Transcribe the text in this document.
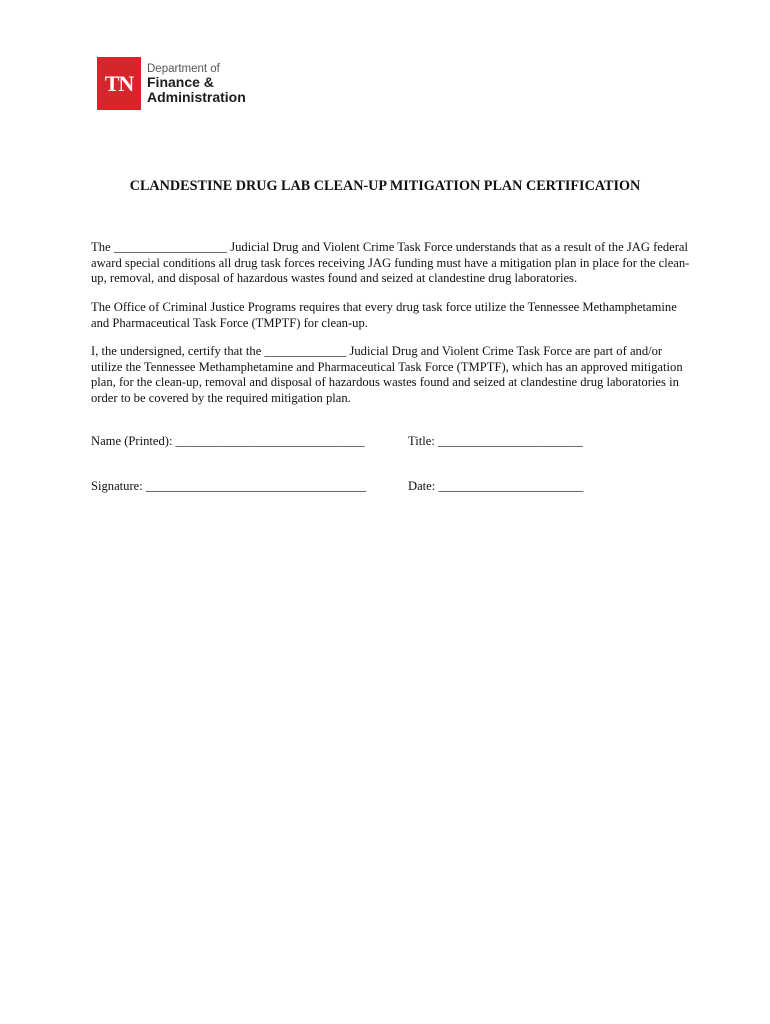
TN
Department of
Finance &
Administration
CLANDESTINE DRUG LAB CLEAN-UP MITIGATION PLAN CERTIFICATION

The __________________ Judicial Drug and Violent Crime Task Force understands that as a result of the JAG federal award special conditions all drug task forces receiving JAG funding must have a mitigation plan in place for the clean-up, removal, and disposal of hazardous wastes found and seized at clandestine drug laboratories.

The Office of Criminal Justice Programs requires that every drug task force utilize the Tennessee Methamphetamine and Pharmaceutical Task Force (TMPTF) for clean-up.

I, the undersigned, certify that the _____________ Judicial Drug and Violent Crime Task Force are part of and/or utilize the Tennessee Methamphetamine and Pharmaceutical Task Force (TMPTF), which has an approved mitigation plan, for the clean-up, removal and disposal of hazardous wastes found and seized at clandestine drug laboratories in order to be covered by the required mitigation plan.

Name (Printed): ______________________________	Title: _______________________

Signature: ___________________________________	Date: _______________________
